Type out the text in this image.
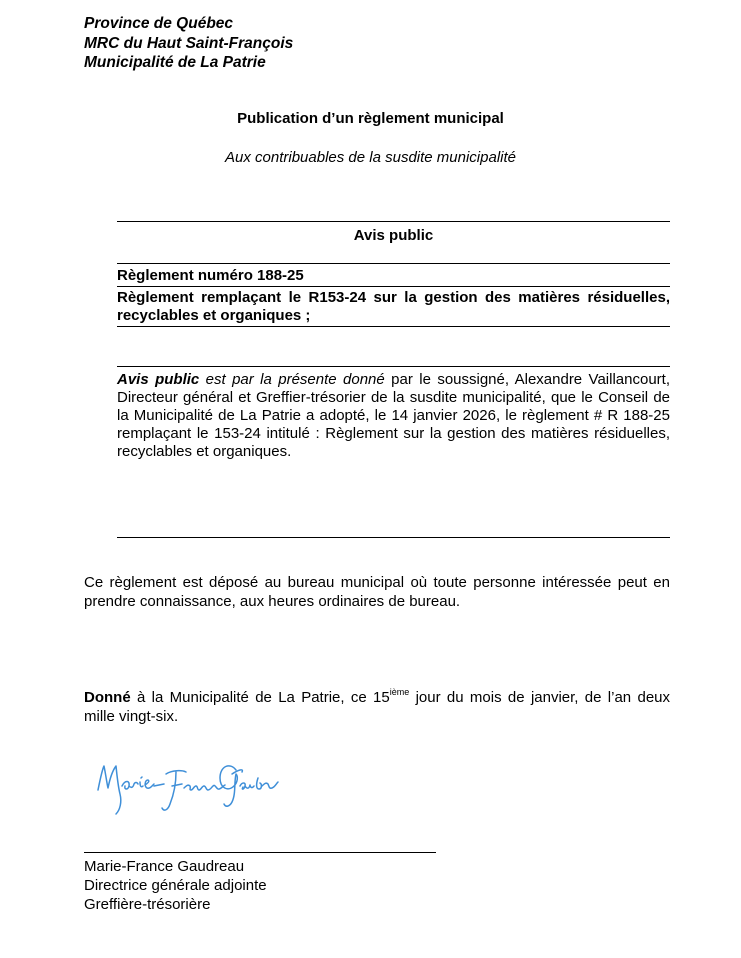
Province de Québec
MRC du Haut Saint-François
Municipalité de La Patrie
Publication d’un règlement municipal
Aux contribuables de la susdite municipalité
Avis public
Règlement numéro 188-25
Règlement remplaçant le R153-24 sur la gestion des matières résiduelles, recyclables et organiques ;
Avis public est par la présente donné par le soussigné, Alexandre Vaillancourt, Directeur général et Greffier-trésorier de la susdite municipalité, que le Conseil de la Municipalité de La Patrie a adopté, le 14 janvier 2026, le règlement # R 188-25 remplaçant le 153-24 intitulé : Règlement sur la gestion des matières résiduelles, recyclables et organiques.
Ce règlement est déposé au bureau municipal où toute personne intéressée peut en prendre connaissance, aux heures ordinaires de bureau.
Donné à la Municipalité de La Patrie, ce 15ième jour du mois de janvier, de l’an deux mille vingt-six.
Marie-France Gaudreau
Directrice générale adjointe
Greffière-trésorière
